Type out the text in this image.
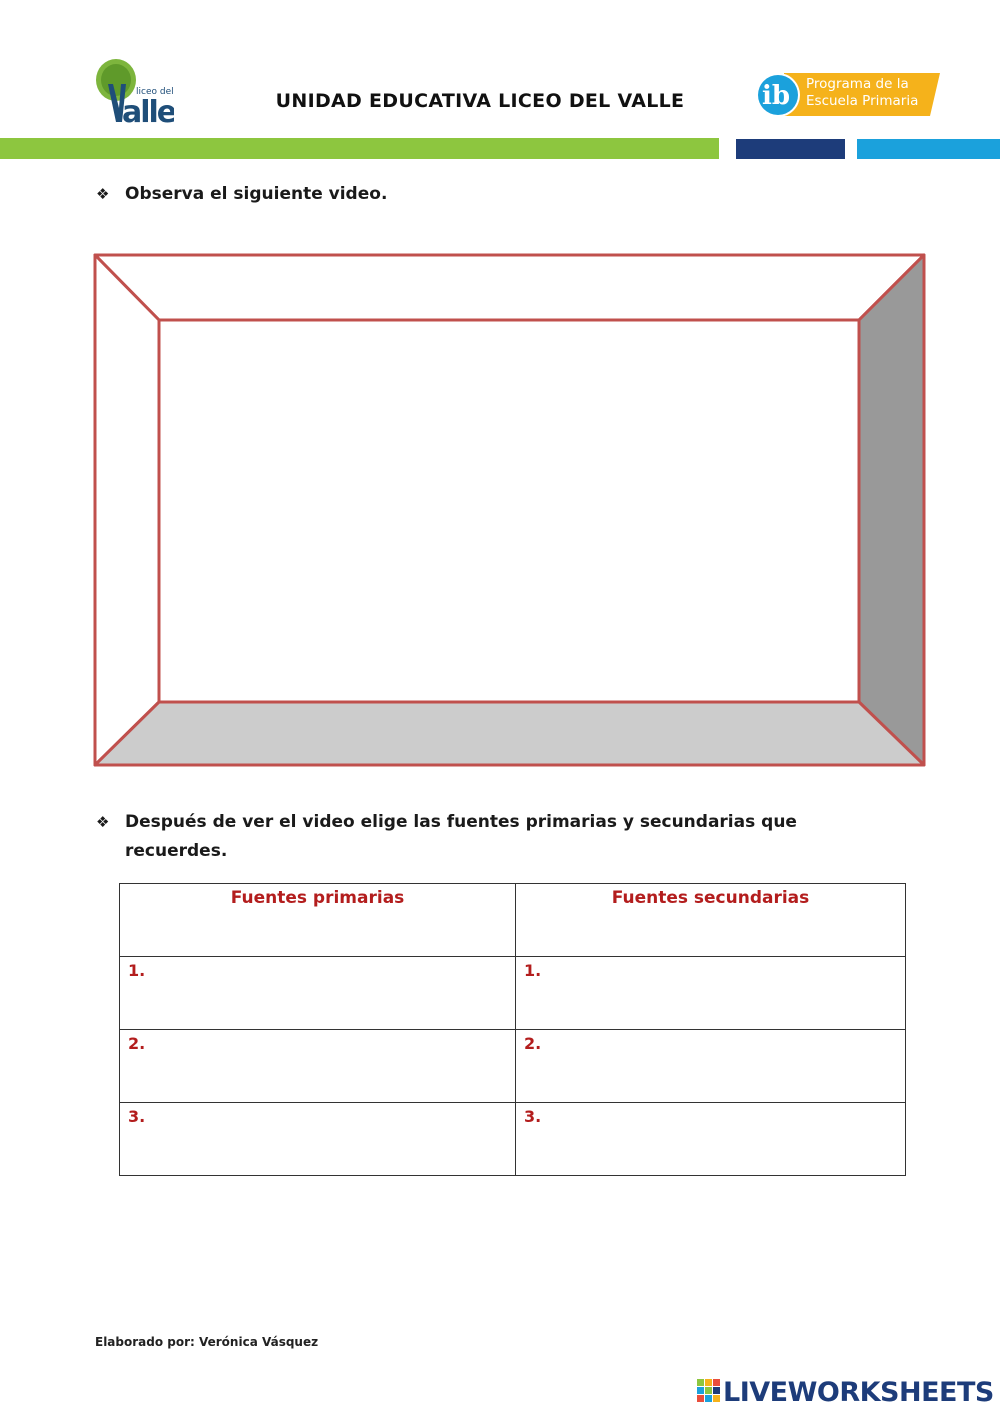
alle
liceo del	UNIDAD EDUCATIVA LICEO DEL VALLE	ib Programa de la
Escuela Primaria
❖ Observa el siguiente video.
❖ Después de ver el video elige las fuentes primarias y secundarias que
recuerdes.
Fuentes primarias	Fuentes secundarias
1.	1.
2.	2.
3.	3.
Elaborado por: Verónica Vásquez
LIVEWORKSHEETS
